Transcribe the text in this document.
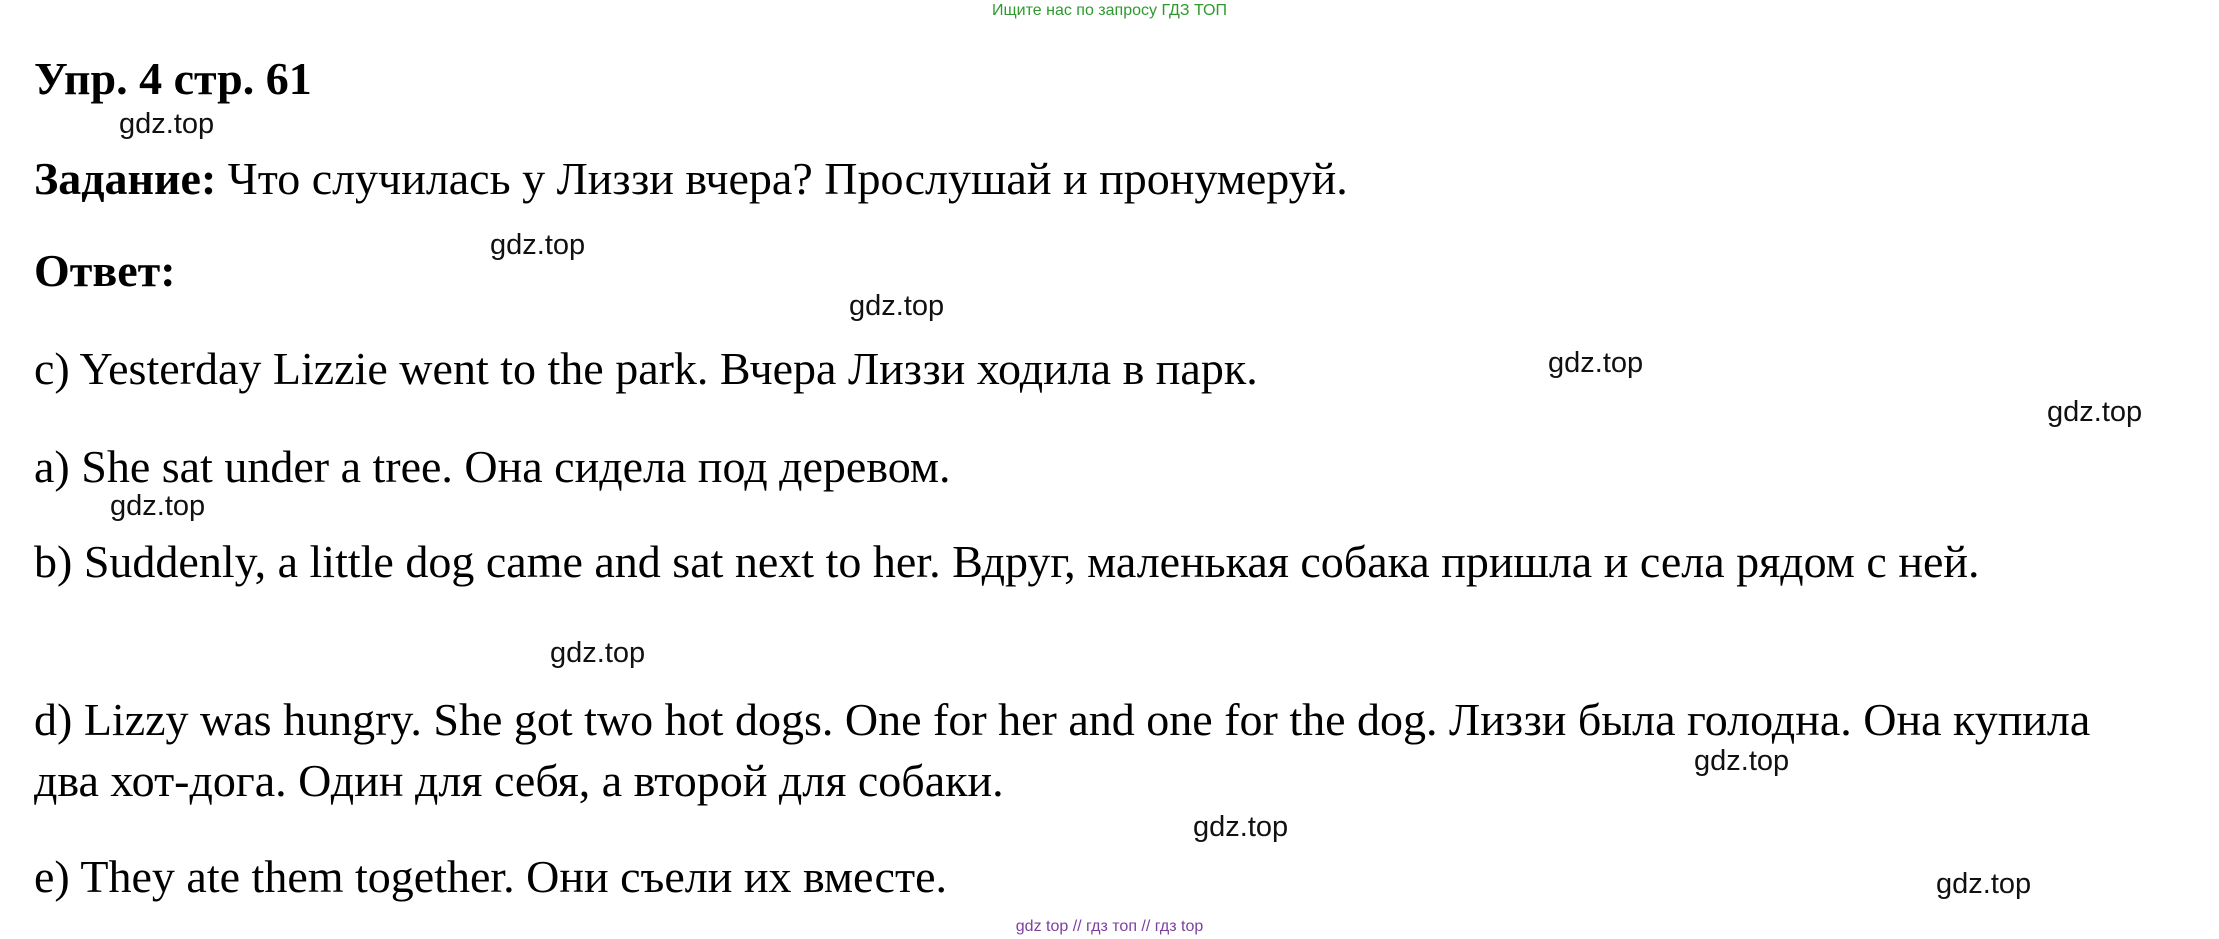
Ищите нас по запросу ГДЗ ТОП
Упр. 4 стр. 61
Задание: Что случилась у Лиззи вчера? Прослушай и пронумеруй.
Ответ:
c) Yesterday Lizzie went to the park. Вчера Лиззи ходила в парк.
a) She sat under a tree. Она сидела под деревом.
b) Suddenly, a little dog came and sat next to her. Вдруг, маленькая собака пришла и села рядом с ней.
d) Lizzy was hungry. She got two hot dogs. One for her and one for the dog. Лиззи была голодна. Она купила два хот-дога. Один для себя, а второй для собаки.
e) They ate them together. Они съели их вместе.
gdz.top
gdz.top
gdz.top
gdz.top
gdz.top
gdz.top
gdz.top
gdz.top
gdz.top
gdz.top
gdz top // гдз топ // гдз top
